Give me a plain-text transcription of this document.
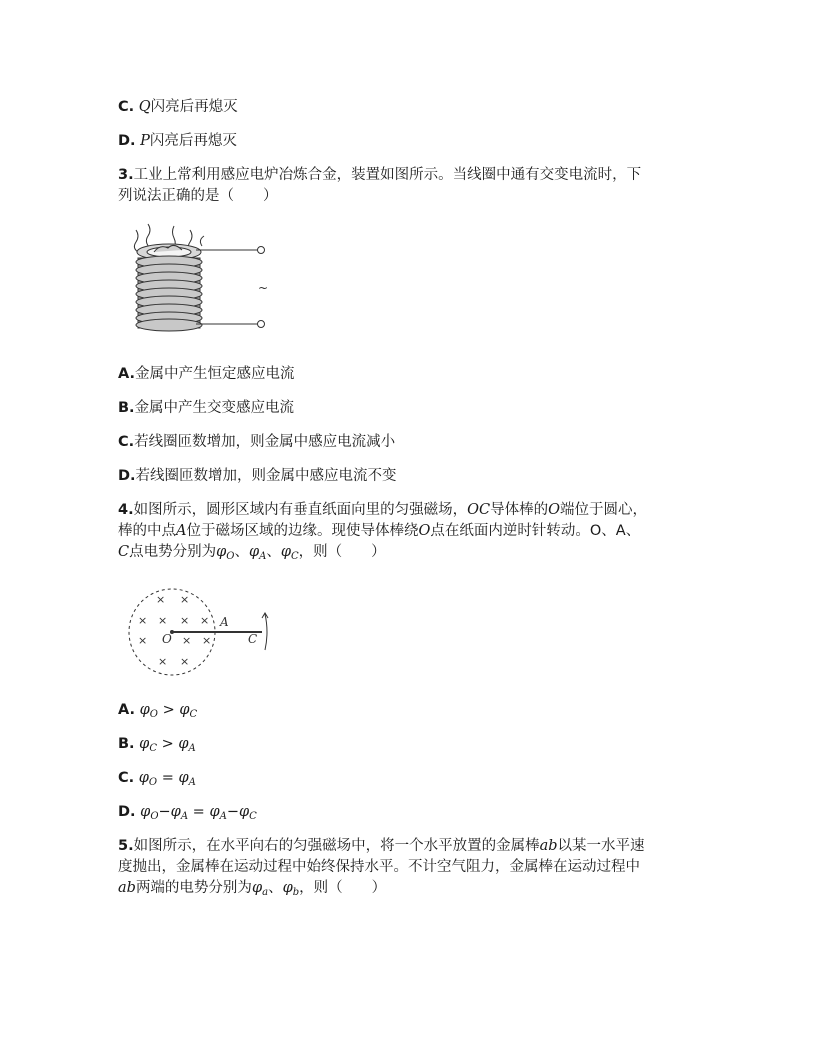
C. Q闪亮后再熄灭
D. P闪亮后再熄灭
3.工业上常利用感应电炉冶炼合金，装置如图所示。当线圈中通有交变电流时，下
列说法正确的是（　　）
~
A.金属中产生恒定感应电流
B.金属中产生交变感应电流
C.若线圈匝数增加，则金属中感应电流减小
D.若线圈匝数增加，则金属中感应电流不变
4.如图所示，圆形区域内有垂直纸面向里的匀强磁场，OC导体棒的O端位于圆心，
棒的中点A位于磁场区域的边缘。现使导体棒绕O点在纸面内逆时针转动。O、A、
C点电势分别为$\varphi_O$、$\varphi_A$、$\varphi_C$，则（　　）
× ×
× × × ×
×	× ×
× ×
O
A
C
A. $\varphi_O > \varphi_C$
B. $\varphi_C > \varphi_A$
C. $\varphi_O = \varphi_A$
D. $\varphi_O-\varphi_A = \varphi_A-\varphi_C$
5.如图所示，在水平向右的匀强磁场中，将一个水平放置的金属棒ab以某一水平速
度抛出，金属棒在运动过程中始终保持水平。不计空气阻力，金属棒在运动过程中
ab两端的电势分别为$\varphi_a$、$\varphi_b$，则（　　）
